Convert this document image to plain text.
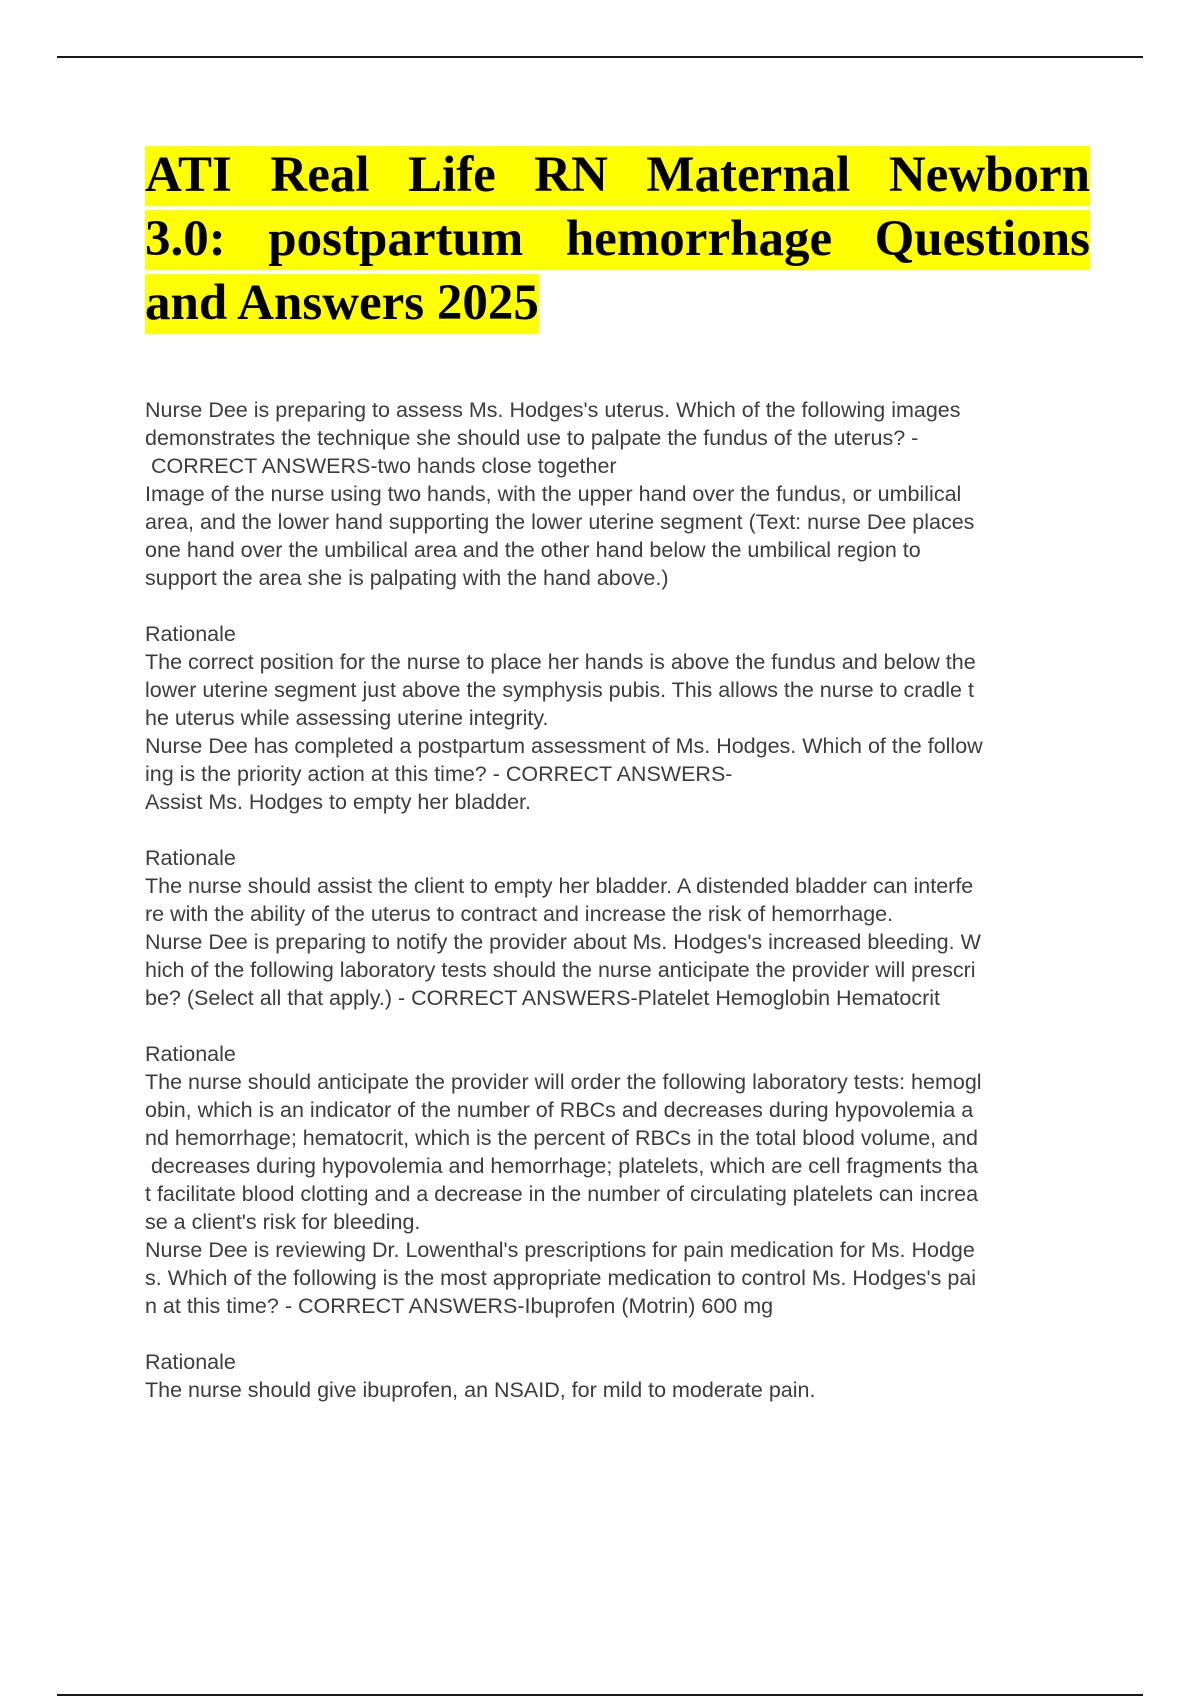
ATI Real Life RN Maternal Newborn
3.0: postpartum hemorrhage Questions
and Answers 2025
Nurse Dee is preparing to assess Ms. Hodges's uterus. Which of the following images
demonstrates the technique she should use to palpate the fundus of the uterus? -
CORRECT ANSWERS-two hands close together
Image of the nurse using two hands, with the upper hand over the fundus, or umbilical
area, and the lower hand supporting the lower uterine segment (Text: nurse Dee places
one hand over the umbilical area and the other hand below the umbilical region to
support the area she is palpating with the hand above.)
Rationale
The correct position for the nurse to place her hands is above the fundus and below the
lower uterine segment just above the symphysis pubis. This allows the nurse to cradle t
he uterus while assessing uterine integrity.
Nurse Dee has completed a postpartum assessment of Ms. Hodges. Which of the follow
ing is the priority action at this time? - CORRECT ANSWERS-
Assist Ms. Hodges to empty her bladder.
Rationale
The nurse should assist the client to empty her bladder. A distended bladder can interfe
re with the ability of the uterus to contract and increase the risk of hemorrhage.
Nurse Dee is preparing to notify the provider about Ms. Hodges's increased bleeding. W
hich of the following laboratory tests should the nurse anticipate the provider will prescri
be? (Select all that apply.) - CORRECT ANSWERS-Platelet Hemoglobin Hematocrit
Rationale
The nurse should anticipate the provider will order the following laboratory tests: hemogl
obin, which is an indicator of the number of RBCs and decreases during hypovolemia a
nd hemorrhage; hematocrit, which is the percent of RBCs in the total blood volume, and
decreases during hypovolemia and hemorrhage; platelets, which are cell fragments tha
t facilitate blood clotting and a decrease in the number of circulating platelets can increa
se a client's risk for bleeding.
Nurse Dee is reviewing Dr. Lowenthal's prescriptions for pain medication for Ms. Hodge
s. Which of the following is the most appropriate medication to control Ms. Hodges's pai
n at this time? - CORRECT ANSWERS-Ibuprofen (Motrin) 600 mg
Rationale
The nurse should give ibuprofen, an NSAID, for mild to moderate pain.
